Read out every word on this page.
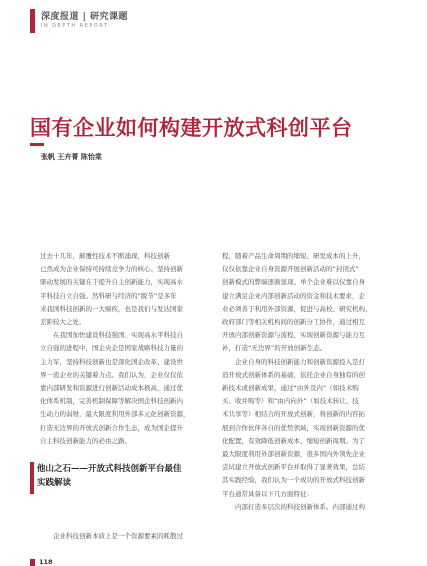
深度报道 | 研究课题
IN DEPTH REPORT
国有企业如何构建开放式科创平台
张帆 王卉菁 陈怡棠

过去十几年，颠覆性技术不断涌现，科技创新

已然成为企业保持可持续竞争力的核心。坚持创新

驱动发展的关键在于提升自主创新能力，实现高水

平科技自立自强。然科研与经济的“脱节”是多年

来我国科技创新的一大痼疾，也是我们与发达国家

差距较大之处。

在我国加快建设科技强国、实现高水平科技自

立自强的进程中，国企央企是国家战略科技力量的

主力军，坚持科技创新也是深化国企改革、建设世

界一流企业的关键着力点。我们认为，企业仅仅依

靠内部研发和资源进行创新活动成本极高，通过优

化体系机制，完善机制保障等解决国企科技创新内

生动力的弱财，最大限度利用外部多元化创新资源，

打造无边界的开放式创新合作生态，成为国企提升

自主科技创新能力的必由之路。

他山之石——开放式科技创新平台最佳
实践解读

企业科技创新本质上是一个资源要素的耗散过

程，随着产品生命周期的缩短、研发成本的上升，

仅仅依靠企业自身资源开展创新活动的“封闭式”

创新模式的弊端逐渐显现。单个企业难以仅靠自身

建立满足企业内部创新活动的资金和技术要求，企

业必须善于利用外部资源，促进与高校、研究机构、

政府部门等相关机构间的创新分工协作，通过相互

开放内部创新资源与流程，实现创新资源与能力互

补，打造“无边界”的开放创新生态。

企业自身的科技创新能力和创新资源投入是打

造开放式创新体系的基础，依托企业自身独有的创

新技术或创新成果，通过“由外及内”（如技术购

买、收并购等）和“由内向外”（如技术转让、技

术共享等）相结合的开放式创新，将创新的内容拓

展到合作伙伴各自的优势领域，实现创新资源的优

化配置，有效降低创新成本、缩短创新周期。为了

最大限度利用外部创新资源，很多国内外领先企业

尝试建立开放式创新平台并取得了显著效果，总结

其实践经验，我们认为一个成功的开放式科技创新

平台通常具备以下几方面特征：

内部打造多层次的科技创新体系。内部通过构

118
